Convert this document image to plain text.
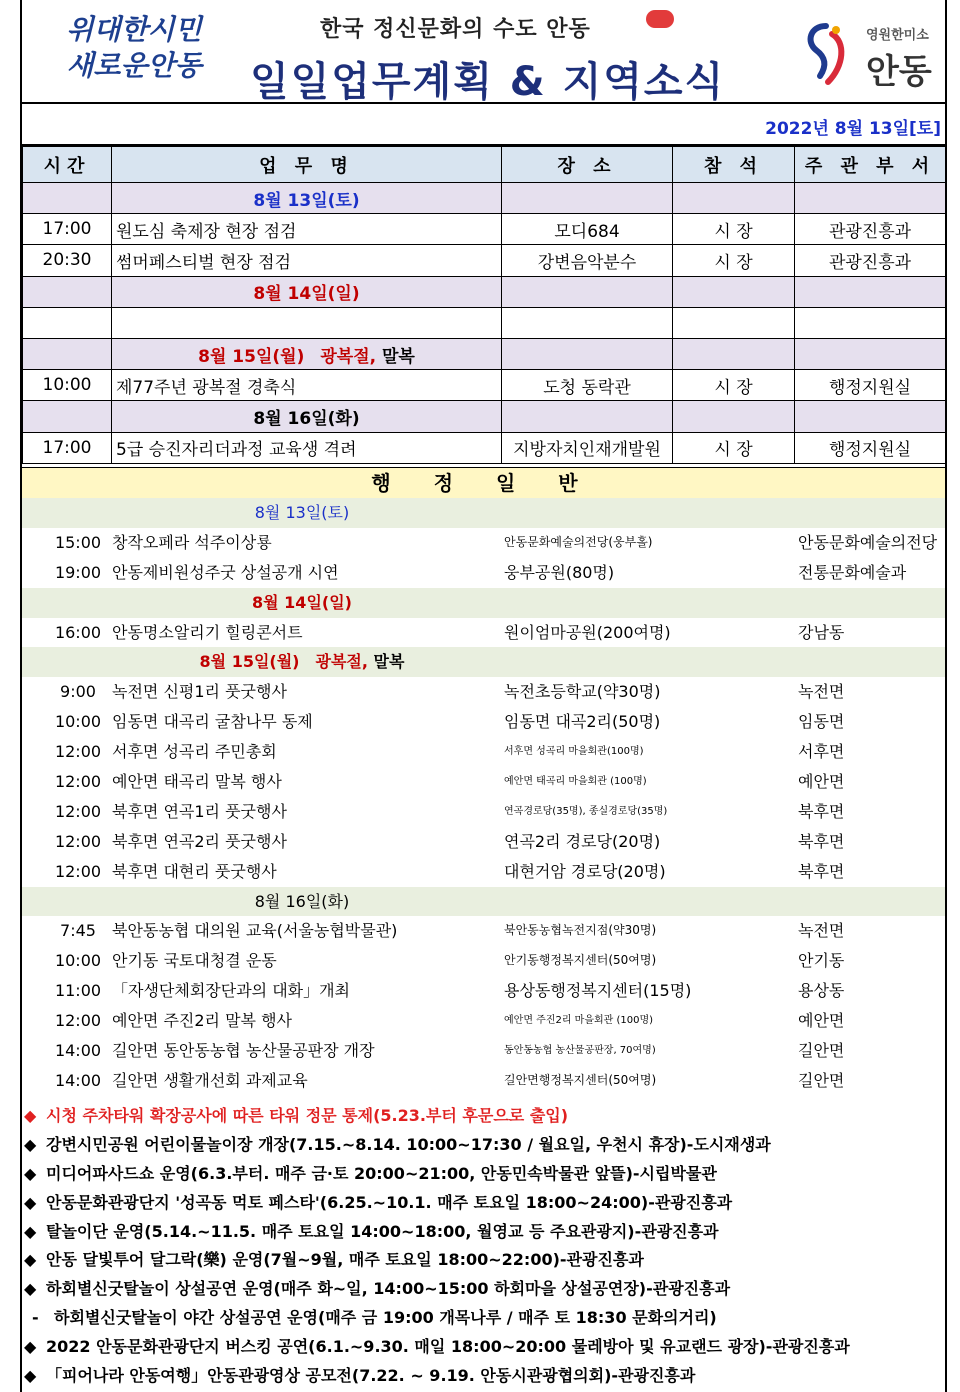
위대한시민
새로운안동
한국 정신문화의 수도 안동
일일업무계획 & 지역소식
영원한미소
안동
2022년 8월 13일[토]
시간	업 무 명	장 소	참 석	주 관 부 서
	8월 13일(토)			
17:00	원도심 축제장 현장 점검	모디684	시 장	관광진흥과
20:30	썸머페스티벌 현장 점검	강변음악분수	시 장	관광진흥과
	8월 14일(일)			

	8월 15일(월) 광복절, 말복			
10:00	제77주년 광복절 경축식	도청 동락관	시 장	행정지원실
	8월 16일(화)			
17:00	5급 승진자리더과정 교육생 격려	지방자치인재개발원	시 장	행정지원실
행 정 일 반
8월 13일(토)
15:00 창작오페라 석주이상룡	안동문화예술의전당(웅부홀)	안동문화예술의전당
19:00 안동제비원성주굿 상설공개 시연	웅부공원(80명)	전통문화예술과
8월 14일(일)
16:00 안동명소알리기 힐링콘서트	원이엄마공원(200여명)	강남동
8월 15일(월) 광복절, 말복
9:00	녹전면 신평1리 풋굿행사	녹전초등학교(약30명)	녹전면
10:00 임동면 대곡리 굴참나무 동제	임동면 대곡2리(50명)	임동면
12:00 서후면 성곡리 주민총회	서후면 성곡리 마을회관(100명)	서후면
12:00 예안면 태곡리 말복 행사	예안면 태곡리 마을회관 (100명)	예안면
12:00 북후면 연곡1리 풋굿행사	연곡경로당(35명), 종실경로당(35명)	북후면
12:00 북후면 연곡2리 풋굿행사	연곡2리 경로당(20명)	북후면
12:00 북후면 대현리 풋굿행사	대현거암 경로당(20명)	북후면
8월 16일(화)
7:45	북안동농협 대의원 교육(서울농협박물관)	북안동농협녹전지점(약30명)	녹전면
10:00 안기동 국토대청결 운동	안기동행정복지센터(50여명)	안기동
11:00 「자생단체회장단과의 대화」개최	용상동행정복지센터(15명)	용상동
12:00 예안면 주진2리 말복 행사	예안면 주진2리 마을회관 (100명)	예안면
14:00 길안면 동안동농협 농산물공판장 개장	동안동농협 농산물공판장, 70여명)	길안면
14:00 길안면 생활개선회 과제교육	길안면행정복지센터(50여명)	길안면
◆ 시청 주차타워 확장공사에 따른 타워 정문 통제(5.23.부터 후문으로 출입)
◆ 강변시민공원 어린이물놀이장 개장(7.15.~8.14. 10:00~17:30 / 월요일, 우천시 휴장)-도시재생과
◆ 미디어파사드쇼 운영(6.3.부터. 매주 금·토 20:00~21:00, 안동민속박물관 앞뜰)-시립박물관
◆ 안동문화관광단지 '성곡동 먹토 페스타'(6.25.~10.1. 매주 토요일 18:00~24:00)-관광진흥과
◆ 탈놀이단 운영(5.14.~11.5. 매주 토요일 14:00~18:00, 월영교 등 주요관광지)-관광진흥과
◆ 안동 달빛투어 달그락(樂) 운영(7월~9월, 매주 토요일 18:00~22:00)-관광진흥과
◆ 하회별신굿탈놀이 상설공연 운영(매주 화~일, 14:00~15:00 하회마을 상설공연장)-관광진흥과
- 하회별신굿탈놀이 야간 상설공연 운영(매주 금 19:00 개목나루 / 매주 토 18:30 문화의거리)
◆ 2022 안동문화관광단지 버스킹 공연(6.1.~9.30. 매일 18:00~20:00 물레방아 및 유교랜드 광장)-관광진흥과
◆ 「피어나라 안동여행」안동관광영상 공모전(7.22. ~ 9.19. 안동시관광협의회)-관광진흥과
